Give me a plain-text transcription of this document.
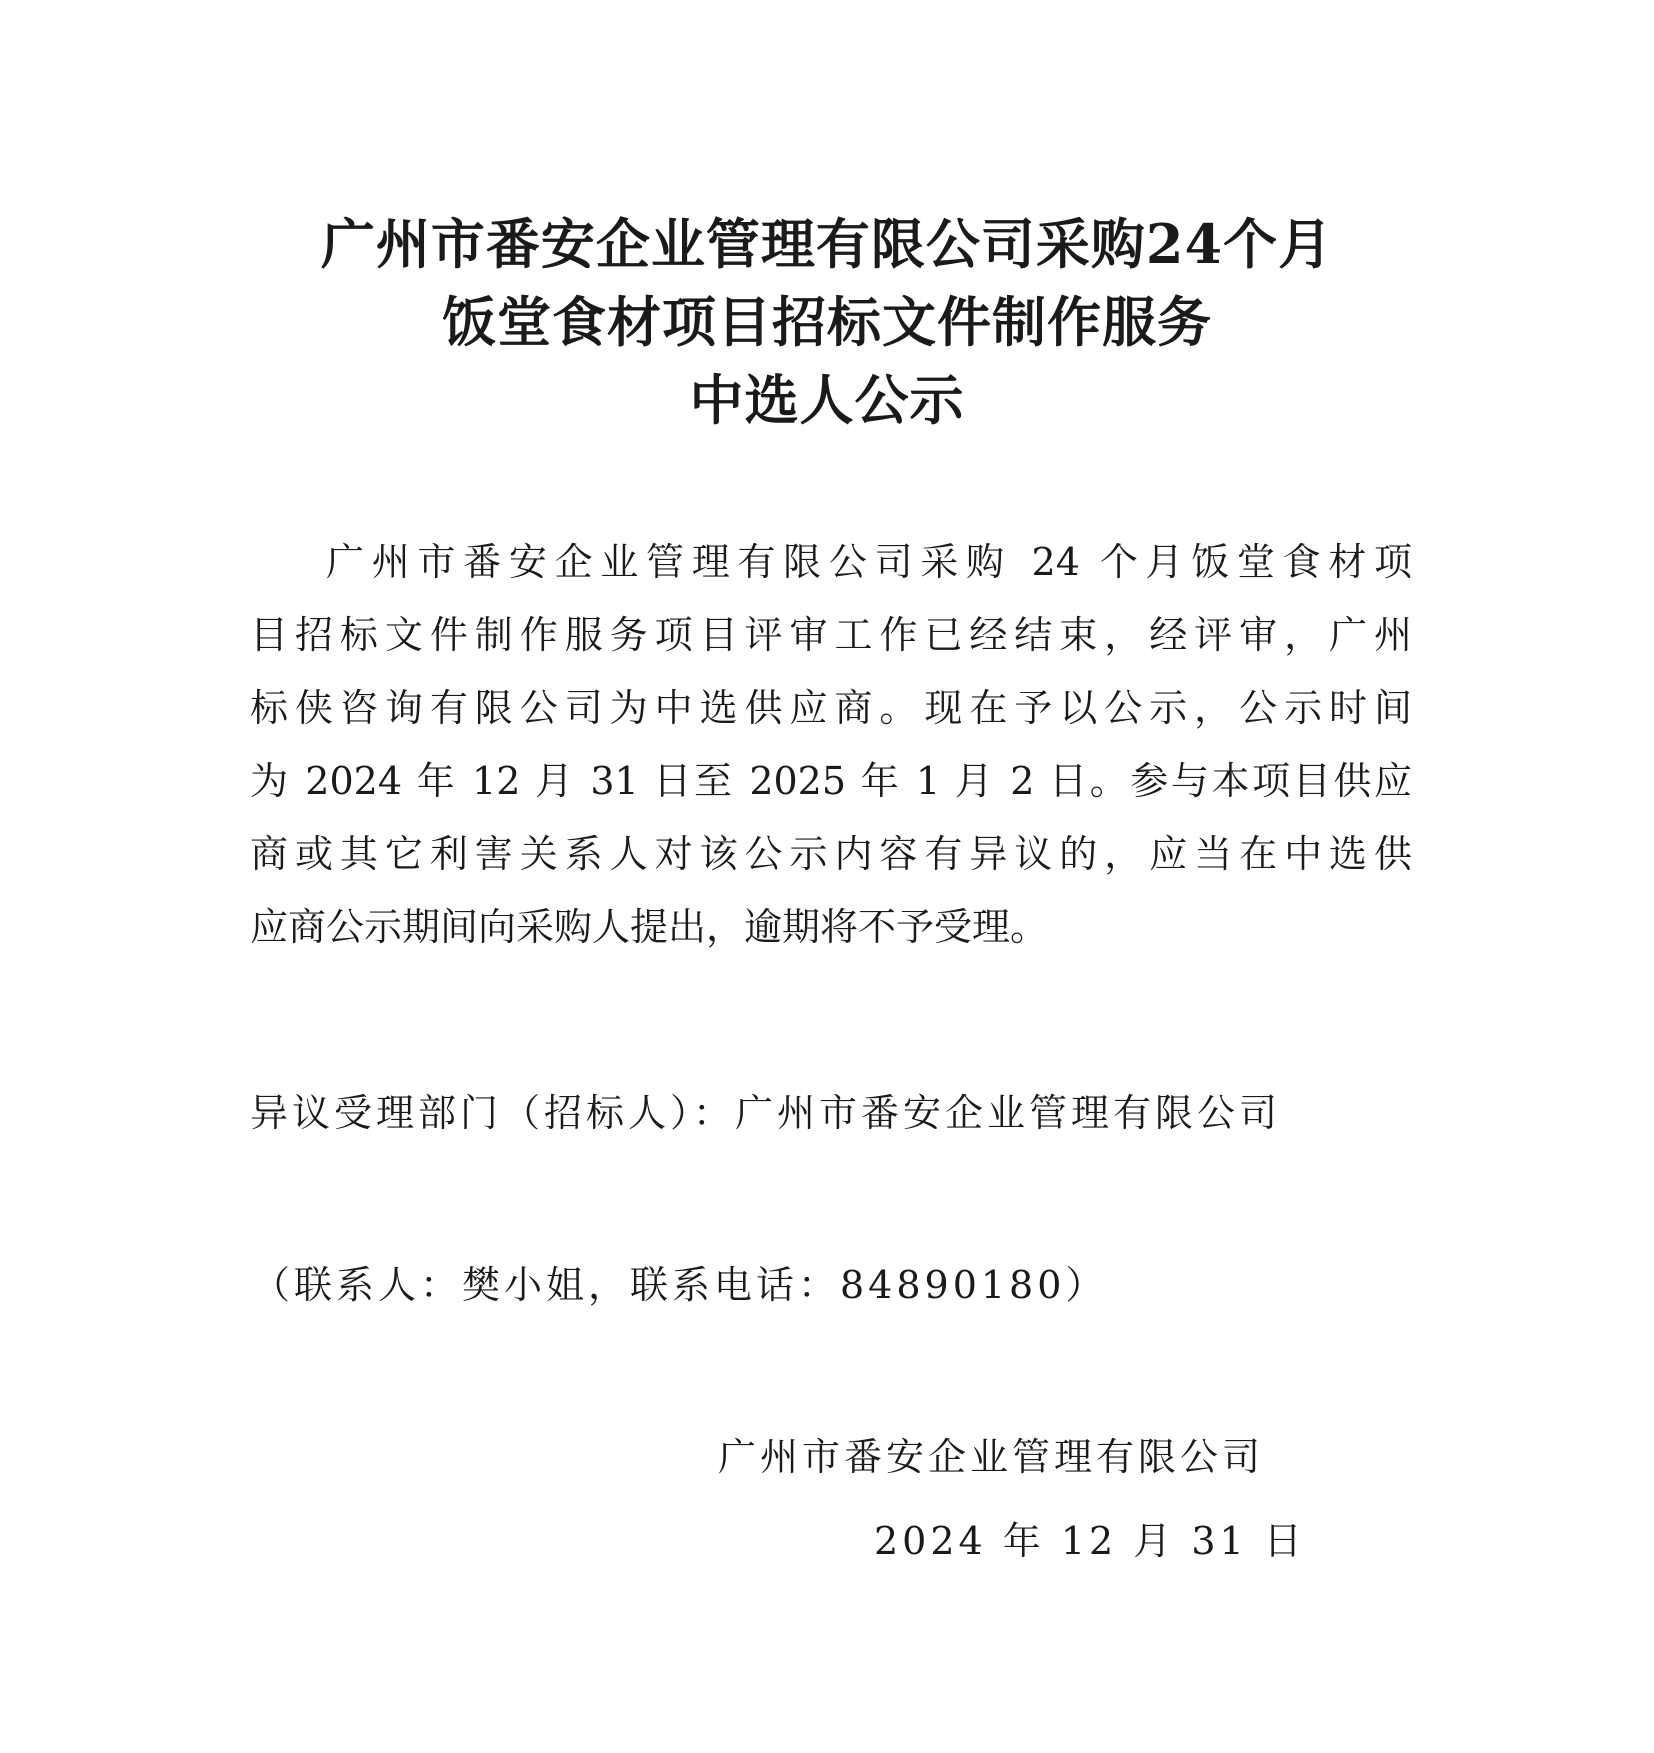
广州市番安企业管理有限公司采购24个月
饭堂食材项目招标文件制作服务
中选人公示

广州市番安企业管理有限公司采购 24 个月饭堂食材项

目招标文件制作服务项目评审工作已经结束，经评审，广州

标侠咨询有限公司为中选供应商。现在予以公示，公示时间

为 2024 年 12 月 31 日至 2025 年 1 月 2 日。参与本项目供应

商或其它利害关系人对该公示内容有异议的，应当在中选供

应商公示期间向采购人提出，逾期将不予受理。

异议受理部门（招标人）：广州市番安企业管理有限公司

（联系人：樊小姐，联系电话：84890180）

广州市番安企业管理有限公司

2024 年 12 月 31 日
